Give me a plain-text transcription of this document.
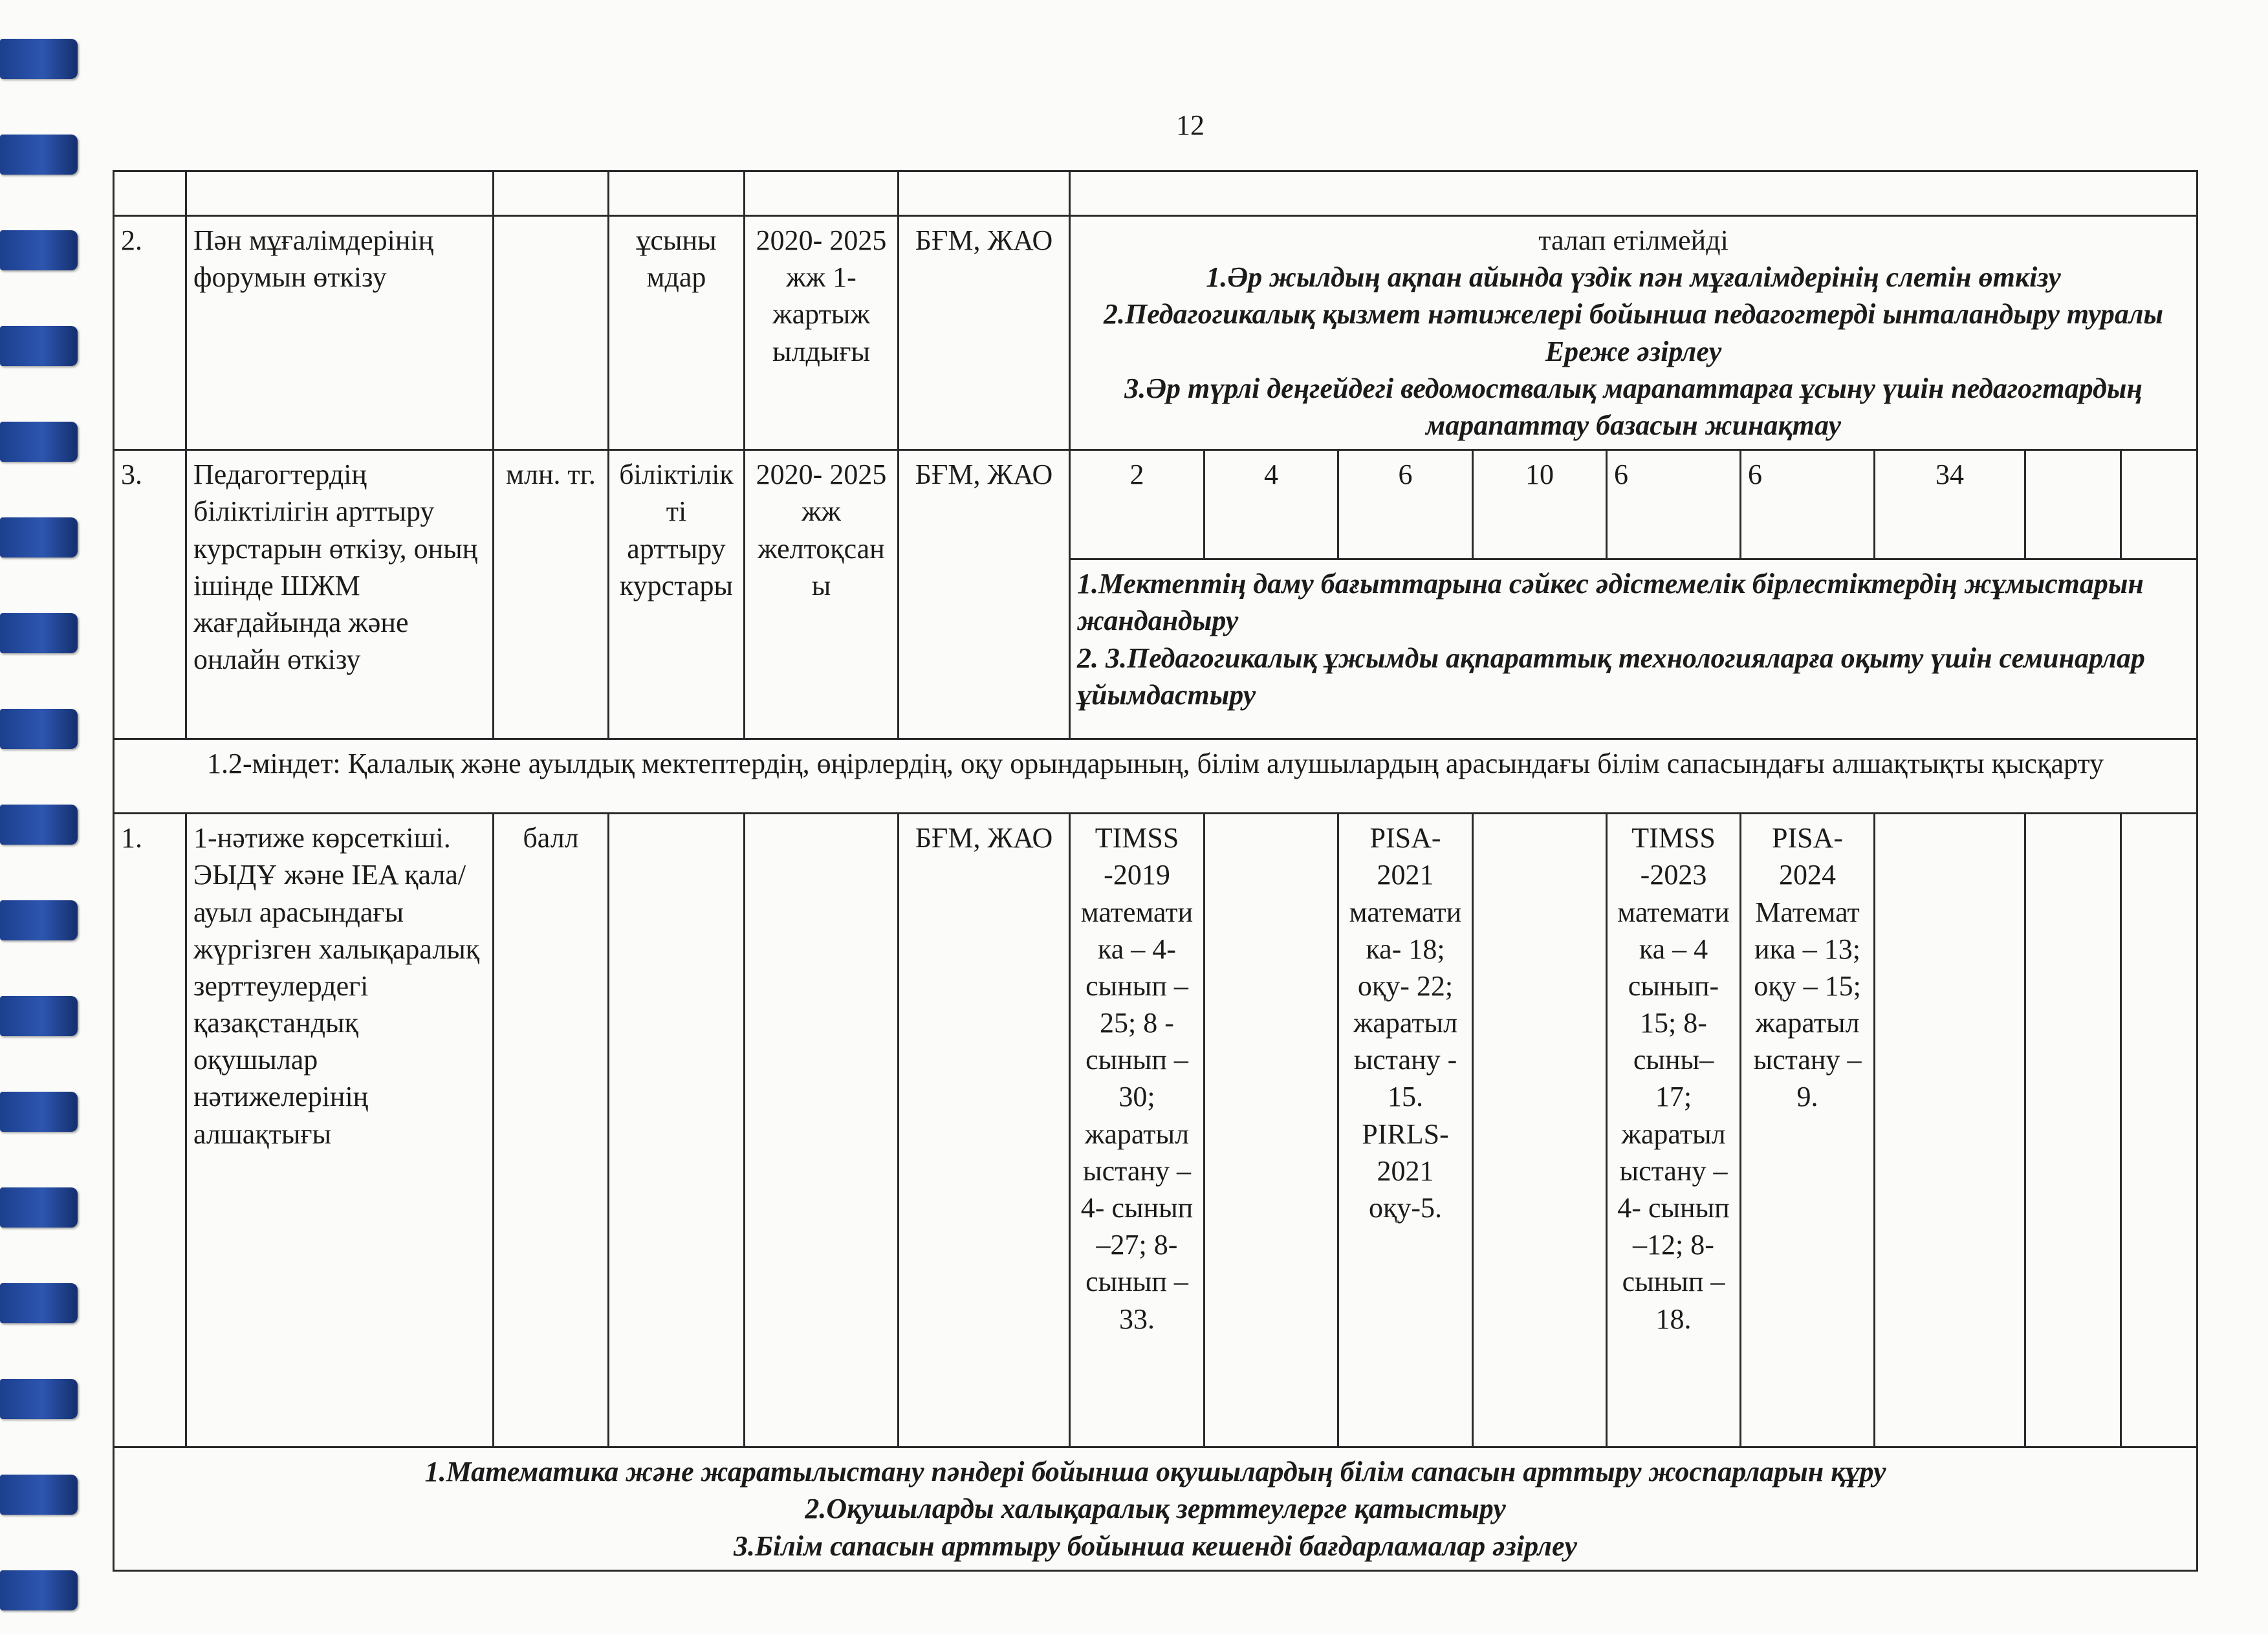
12

2.	Пән мұғалімдерінің форумын өткізу		ұсыны мдар	2020- 2025 жж 1- жартыж ылдығы	БҒМ, ЖАО	талап етілмейді
1.Әр жылдың ақпан айында үздік пән мұғалімдерінің слетін өткізу
2.Педагогикалық қызмет нәтижелері бойынша педагогтерді ынталандыру туралы Ереже әзірлеу
3.Әр түрлі деңгейдегі ведомоствалық марапаттарға ұсыну үшін педагогтардың марапаттау базасын жинақтау								

3.	Педагогтердің біліктілігін арттыру курстарын өткізу, оның ішінде ШЖМ жағдайында және онлайн өткізу	млн. тг.	біліктілікті арттыру курстары	2020- 2025 жж желтоқсаны	БҒМ, ЖАО	2	4	6	10	6	6	34		

						1.Мектептің даму бағыттарына сәйкес әдістемелік бірлестіктердің жұмыстарын жандандыру
2. 3.Педагогикалық ұжымды ақпараттық технологияларға оқыту үшін семинарлар ұйымдастыру								

1.2-міндет: Қалалық және ауылдық мектептердің, өңірлердің, оқу орындарының, білім алушылардың арасындағы білім сапасындағы алшақтықты қысқарту														
1.	1-нәтиже көрсеткіші. ЭЫДҰ және IEA қала/ауыл арасындағы жүргізген халықаралық зерттеулердегі қазақстандық оқушылар нәтижелерінің алшақтығы	балл			БҒМ, ЖАО	TIMSS -2019 математика – 4- сынып –25; 8 - сынып –30; жаратылыстану – 4- сынып –27; 8- сынып –33.		PISA- 2021 математика- 18; оқу- 22; жаратылыстану - 15. PIRLS- 2021 оқу-5.		TIMSS -2023 математика – 4 сынып- 15; 8- сыны– 17; жаратылыстану – 4- сынып –12; 8- сынып –18.	PISA- 2024 Математика – 13; оқу – 15; жаратылыстану – 9.			

1.Математика және жаратылыстану пәндері бойынша оқушылардың білім сапасын арттыру жоспарларын құру
2.Оқушыларды халықаралық зерттеулерге қатыстыру
3.Білім сапасын арттыру бойынша кешенді бағдарламалар әзірлеу														
